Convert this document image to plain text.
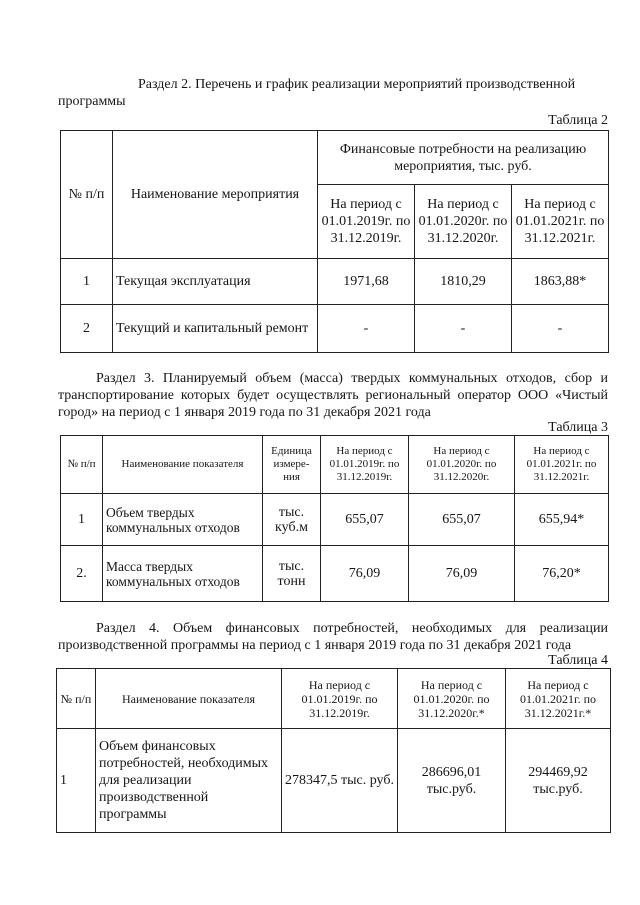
Раздел 2. Перечень и график реализации мероприятий производственной
программы
Таблица 2
№ п/п	Наименование мероприятия	Финансовые потребности на реализацию мероприятия, тыс. руб.		
		На период с 01.01.2019г. по 31.12.2019г.	На период с 01.01.2020г. по 31.12.2020г.	На период с 01.01.2021г. по 31.12.2021г.
1	Текущая эксплуатация	1971,68	1810,29	1863,88*
2	Текущий и капитальный ремонт	-	-	-
Раздел 3. Планируемый объем (масса) твердых коммунальных отходов, сбор и транспортирование которых будет осуществлять региональный оператор ООО «Чистый город» на период с 1 января 2019 года по 31 декабря 2021 года
Таблица 3
№ п/п	Наименование показателя	Единица измере-ния	На период с 01.01.2019г. по 31.12.2019г.	На период с 01.01.2020г. по 31.12.2020г.	На период с 01.01.2021г. по 31.12.2021г.
1	Объем твердых коммунальных отходов	тыс. куб.м	655,07	655,07	655,94*
2.	Масса твердых коммунальных отходов	тыс. тонн	76,09	76,09	76,20*
Раздел 4. Объем финансовых потребностей, необходимых для реализации производственной программы на период с 1 января 2019 года по 31 декабря 2021 года
Таблица 4
№ п/п	Наименование показателя	На период с 01.01.2019г. по 31.12.2019г.	На период с 01.01.2020г. по 31.12.2020г.*	На период с 01.01.2021г. по 31.12.2021г.*
1	Объем финансовых потребностей, необходимых для реализации производственной программы	278347,5 тыс. руб.	286696,01 тыс.руб.	294469,92 тыс.руб.
